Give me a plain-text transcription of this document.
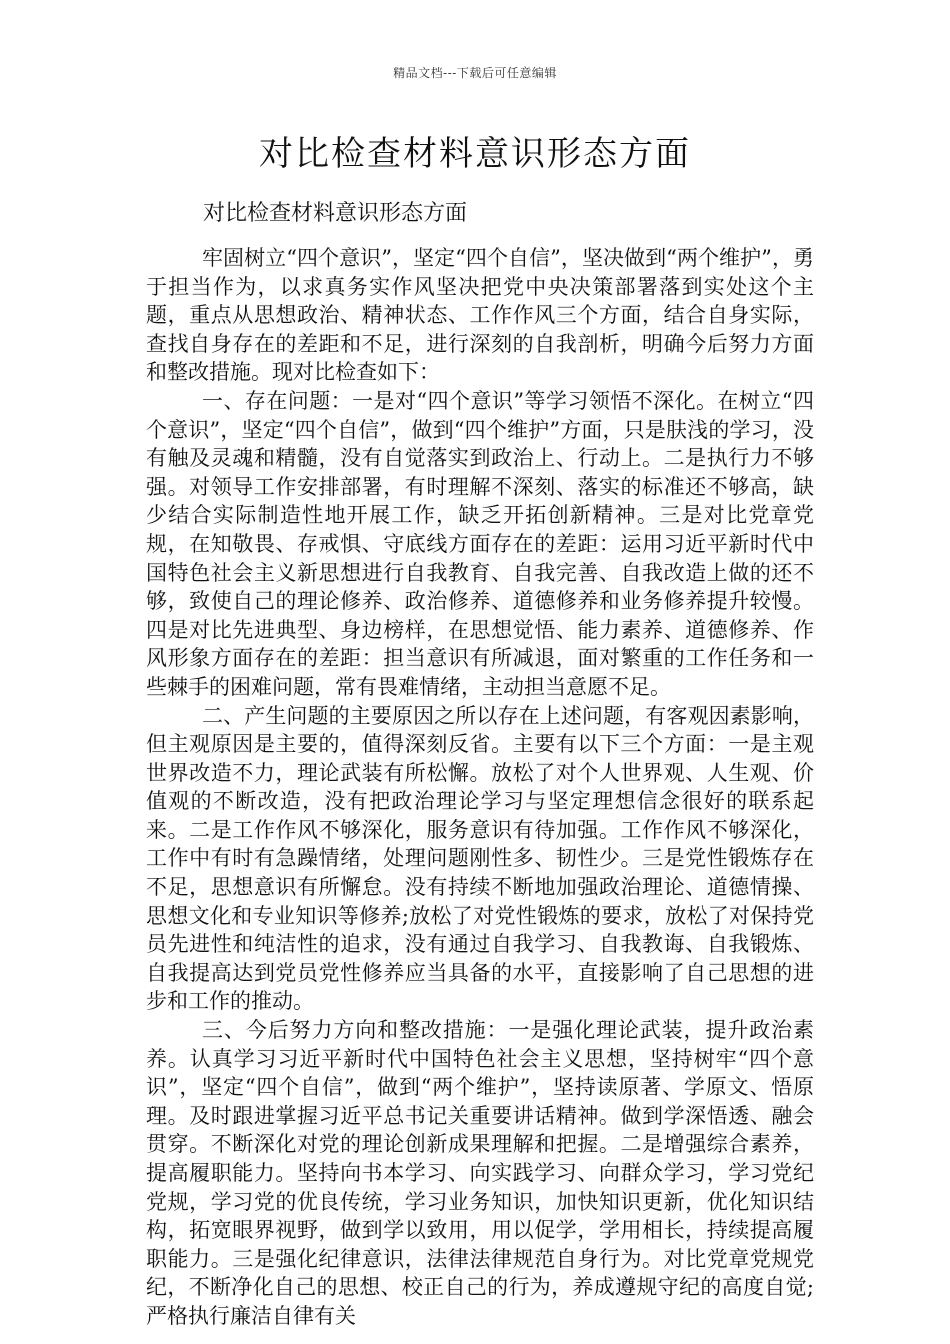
精品文档---下载后可任意编辑
对比检查材料意识形态方面

对比检查材料意识形态方面

牢固树立“四个意识”，坚定“四个自信”，坚决做到“两个维护”，勇于担当作为，以求真务实作风坚决把党中央决策部署落到实处这个主题，重点从思想政治、精神状态、工作作风三个方面，结合自身实际，查找自身存在的差距和不足，进行深刻的自我剖析，明确今后努力方面和整改措施。现对比检查如下：

一、存在问题：一是对“四个意识”等学习领悟不深化。在树立“四个意识”，坚定“四个自信”，做到“四个维护”方面，只是肤浅的学习，没有触及灵魂和精髓，没有自觉落实到政治上、行动上。二是执行力不够强。对领导工作安排部署，有时理解不深刻、落实的标准还不够高，缺少结合实际制造性地开展工作，缺乏开拓创新精神。三是对比党章党规，在知敬畏、存戒惧、守底线方面存在的差距：运用习近平新时代中国特色社会主义新思想进行自我教育、自我完善、自我改造上做的还不够，致使自己的理论修养、政治修养、道德修养和业务修养提升较慢。四是对比先进典型、身边榜样，在思想觉悟、能力素养、道德修养、作风形象方面存在的差距：担当意识有所减退，面对繁重的工作任务和一些棘手的困难问题，常有畏难情绪，主动担当意愿不足。

二、产生问题的主要原因之所以存在上述问题，有客观因素影响，但主观原因是主要的，值得深刻反省。主要有以下三个方面：一是主观世界改造不力，理论武装有所松懈。放松了对个人世界观、人生观、价值观的不断改造，没有把政治理论学习与坚定理想信念很好的联系起来。二是工作作风不够深化，服务意识有待加强。工作作风不够深化，工作中有时有急躁情绪，处理问题刚性多、韧性少。三是党性锻炼存在不足，思想意识有所懈怠。没有持续不断地加强政治理论、道德情操、思想文化和专业知识等修养;放松了对党性锻炼的要求，放松了对保持党员先进性和纯洁性的追求，没有通过自我学习、自我教诲、自我锻炼、自我提高达到党员党性修养应当具备的水平，直接影响了自己思想的进步和工作的推动。

三、今后努力方向和整改措施：一是强化理论武装，提升政治素养。认真学习习近平新时代中国特色社会主义思想，坚持树牢“四个意识”，坚定“四个自信”，做到“两个维护”，坚持读原著、学原文、悟原理。及时跟进掌握习近平总书记关重要讲话精神。做到学深悟透、融会贯穿。不断深化对党的理论创新成果理解和把握。二是增强综合素养，提高履职能力。坚持向书本学习、向实践学习、向群众学习，学习党纪党规，学习党的优良传统，学习业务知识，加快知识更新，优化知识结构，拓宽眼界视野，做到学以致用，用以促学，学用相长，持续提高履职能力。三是强化纪律意识，法律法律规范自身行为。对比党章党规党纪，不断净化自己的思想、校正自己的行为，养成遵规守纪的高度自觉;严格执行廉洁自律有关
